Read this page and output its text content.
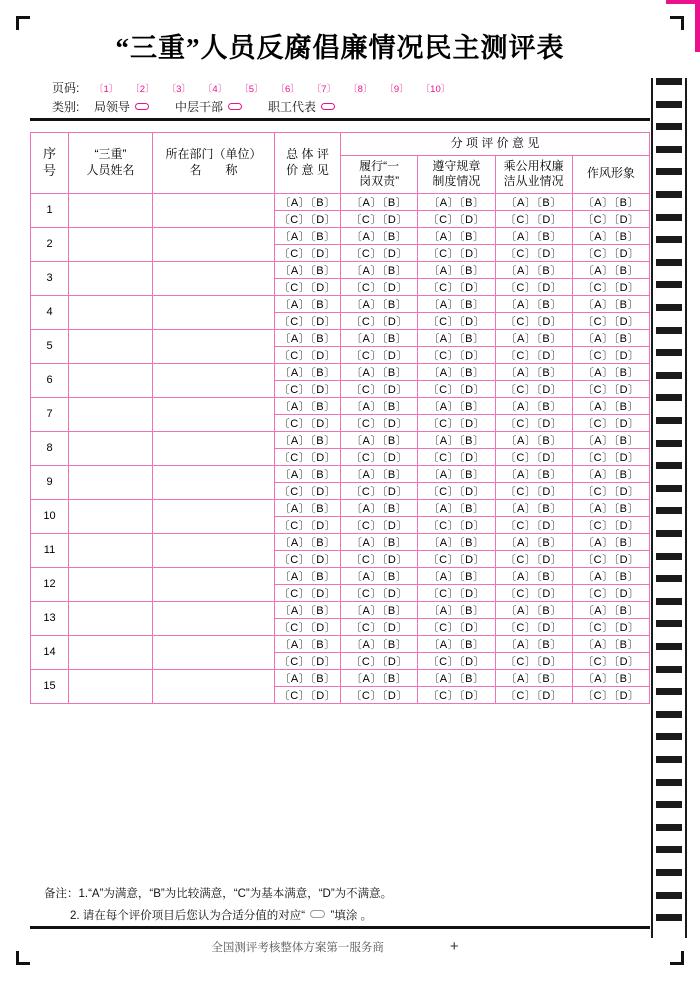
“三重”人员反腐倡廉情况民主测评表
页码:	〔1〕 〔2〕 〔3〕 〔4〕 〔5〕 〔6〕 〔7〕 〔8〕 〔9〕 〔10〕
类别:	局领导	中层干部	职工代表
序
号

“三重”
人员姓名

所在部门（单位）
名　　称

总 体 评
价 意 见
	分 项 评 价 意 见

履行“一
岗双责”

遵守规章
制度情况

乘公用权廉
洁从业情况

作风形象

1			〔A〕〔B〕	〔A〕〔B〕	〔A〕〔B〕	〔A〕〔B〕	〔A〕〔B〕
			〔C〕〔D〕	〔C〕〔D〕	〔C〕〔D〕	〔C〕〔D〕	〔C〕〔D〕
2			〔A〕〔B〕	〔A〕〔B〕	〔A〕〔B〕	〔A〕〔B〕	〔A〕〔B〕
			〔C〕〔D〕	〔C〕〔D〕	〔C〕〔D〕	〔C〕〔D〕	〔C〕〔D〕
3			〔A〕〔B〕	〔A〕〔B〕	〔A〕〔B〕	〔A〕〔B〕	〔A〕〔B〕
			〔C〕〔D〕	〔C〕〔D〕	〔C〕〔D〕	〔C〕〔D〕	〔C〕〔D〕
4			〔A〕〔B〕	〔A〕〔B〕	〔A〕〔B〕	〔A〕〔B〕	〔A〕〔B〕
			〔C〕〔D〕	〔C〕〔D〕	〔C〕〔D〕	〔C〕〔D〕	〔C〕〔D〕
5			〔A〕〔B〕	〔A〕〔B〕	〔A〕〔B〕	〔A〕〔B〕	〔A〕〔B〕
			〔C〕〔D〕	〔C〕〔D〕	〔C〕〔D〕	〔C〕〔D〕	〔C〕〔D〕
6			〔A〕〔B〕	〔A〕〔B〕	〔A〕〔B〕	〔A〕〔B〕	〔A〕〔B〕
			〔C〕〔D〕	〔C〕〔D〕	〔C〕〔D〕	〔C〕〔D〕	〔C〕〔D〕
7			〔A〕〔B〕	〔A〕〔B〕	〔A〕〔B〕	〔A〕〔B〕	〔A〕〔B〕
			〔C〕〔D〕	〔C〕〔D〕	〔C〕〔D〕	〔C〕〔D〕	〔C〕〔D〕
8			〔A〕〔B〕	〔A〕〔B〕	〔A〕〔B〕	〔A〕〔B〕	〔A〕〔B〕
			〔C〕〔D〕	〔C〕〔D〕	〔C〕〔D〕	〔C〕〔D〕	〔C〕〔D〕
9			〔A〕〔B〕	〔A〕〔B〕	〔A〕〔B〕	〔A〕〔B〕	〔A〕〔B〕
			〔C〕〔D〕	〔C〕〔D〕	〔C〕〔D〕	〔C〕〔D〕	〔C〕〔D〕
10			〔A〕〔B〕	〔A〕〔B〕	〔A〕〔B〕	〔A〕〔B〕	〔A〕〔B〕
			〔C〕〔D〕	〔C〕〔D〕	〔C〕〔D〕	〔C〕〔D〕	〔C〕〔D〕
11			〔A〕〔B〕	〔A〕〔B〕	〔A〕〔B〕	〔A〕〔B〕	〔A〕〔B〕
			〔C〕〔D〕	〔C〕〔D〕	〔C〕〔D〕	〔C〕〔D〕	〔C〕〔D〕
12			〔A〕〔B〕	〔A〕〔B〕	〔A〕〔B〕	〔A〕〔B〕	〔A〕〔B〕
			〔C〕〔D〕	〔C〕〔D〕	〔C〕〔D〕	〔C〕〔D〕	〔C〕〔D〕
13			〔A〕〔B〕	〔A〕〔B〕	〔A〕〔B〕	〔A〕〔B〕	〔A〕〔B〕
			〔C〕〔D〕	〔C〕〔D〕	〔C〕〔D〕	〔C〕〔D〕	〔C〕〔D〕
14			〔A〕〔B〕	〔A〕〔B〕	〔A〕〔B〕	〔A〕〔B〕	〔A〕〔B〕
			〔C〕〔D〕	〔C〕〔D〕	〔C〕〔D〕	〔C〕〔D〕	〔C〕〔D〕
15			〔A〕〔B〕	〔A〕〔B〕	〔A〕〔B〕	〔A〕〔B〕	〔A〕〔B〕
			〔C〕〔D〕	〔C〕〔D〕	〔C〕〔D〕	〔C〕〔D〕	〔C〕〔D〕
备注：1.“A”为满意，“B”为比较满意，“C”为基本满意，“D”为不满意。
2. 请在每个评价项目后您认为合适分值的对应“ ”填涂 。
全国测评考核整体方案第一服务商	+
